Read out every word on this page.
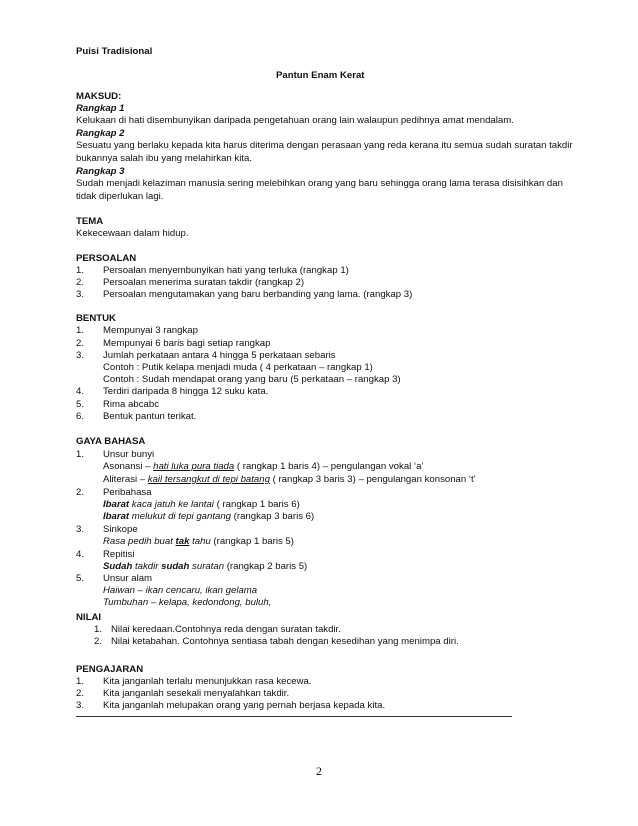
Puisi Tradisional
Pantun Enam Kerat
MAKSUD:
Rangkap 1
Kelukaan di hati disembunyikan daripada pengetahuan orang lain walaupun pedihnya amat mendalam.
Rangkap 2
Sesuatu yang berlaku kepada kita harus diterima dengan perasaan yang reda kerana itu semua sudah suratan takdir
bukannya salah ibu yang melahirkan kita.
Rangkap 3
Sudah menjadi kelaziman manusia sering melebihkan orang yang baru sehingga orang lama terasa disisihkan dan
tidak diperlukan lagi.
TEMA
Kekecewaan dalam hidup.
PERSOALAN
1. Persoalan menyembunyikan hati yang terluka (rangkap 1)
2. Persoalan menerima suratan takdir (rangkap 2)
3. Persoalan mengutamakan yang baru berbanding yang lama. (rangkap 3)
BENTUK
1. Mempunyai 3 rangkap
2. Mempunyai 6 baris bagi setiap rangkap
3. Jumlah perkataan antara 4 hingga 5 perkataan sebaris
Contoh : Putik kelapa menjadi muda ( 4 perkataan – rangkap 1)
Contoh : Sudah mendapat orang yang baru (5 perkataan – rangkap 3)
4. Terdiri daripada 8 hingga 12 suku kata.
5. Rima abcabc
6. Bentuk pantun terikat.
GAYA BAHASA
1. Unsur bunyi
Asonansi – hati luka pura tiada ( rangkap 1 baris 4) – pengulangan vokal ‘a’
Aliterasi – kail tersangkut di tepi batang ( rangkap 3 baris 3) – pengulangan konsonan ‘t’
2. Peribahasa
Ibarat kaca jatuh ke lantai ( rangkap 1 baris 6)
Ibarat melukut di tepi gantang (rangkap 3 baris 6)
3. Sinkope
Rasa pedih buat tak tahu (rangkap 1 baris 5)
4. Repitisi
Sudah takdir sudah suratan (rangkap 2 baris 5)
5. Unsur alam
Haiwan – ikan cencaru, ikan gelama
Tumbuhan – kelapa, kedondong, buluh,
NILAI
1. Nilai keredaan.Contohnya reda dengan suratan takdir.
2. Nilai ketabahan. Contohnya sentiasa tabah dengan kesedihan yang menimpa diri.
PENGAJARAN
1. Kita janganlah terlalu menunjukkan rasa kecewa.
2. Kita janganlah sesekali menyalahkan takdir.
3. Kita janganlah melupakan orang yang pernah berjasa kepada kita.
2
